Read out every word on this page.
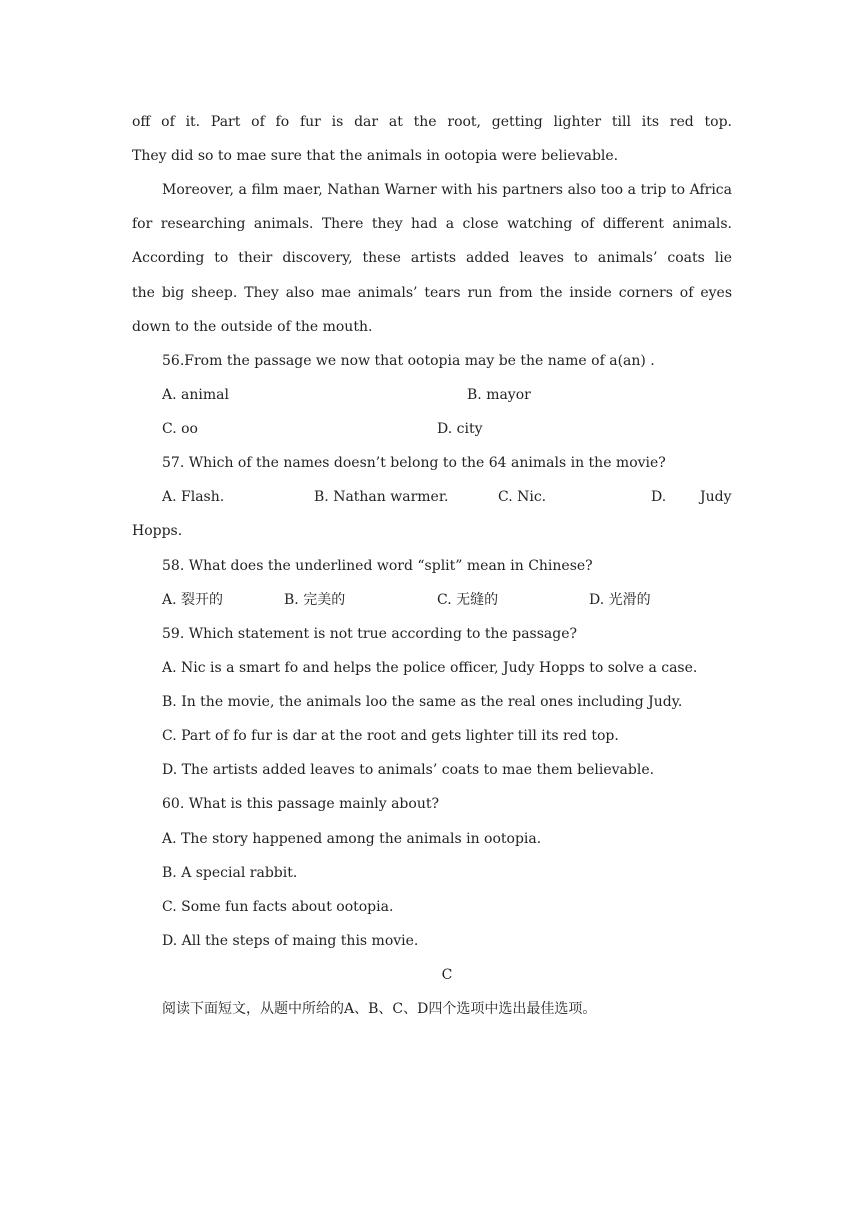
off of it. Part of fo fur is dar at the root, getting lighter till its red top.
They did so to mae sure that the animals in ootopia were believable.
Moreover, a film maer, Nathan Warner with his partners also too a trip to Africa
for researching animals. There they had a close watching of different animals.
According to their discovery, these artists added leaves to animals’ coats lie
the big sheep. They also mae animals’ tears run from the inside corners of eyes
down to the outside of the mouth.
56.From the passage we now that ootopia may be the name of a(an) .
A. animal	B. mayor
C. oo	D. city
57. Which of the names doesn’t belong to the 64 animals in the movie?
A. Flash.	B. Nathan warmer.	C. Nic.	D. Judy
Hopps.
58. What does the underlined word “split” mean in Chinese?
A. 裂开的	B. 完美的	C. 无缝的	D. 光滑的
59. Which statement is not true according to the passage?
A. Nic is a smart fo and helps the police officer, Judy Hopps to solve a case.
B. In the movie, the animals loo the same as the real ones including Judy.
C. Part of fo fur is dar at the root and gets lighter till its red top.
D. The artists added leaves to animals’ coats to mae them believable.
60. What is this passage mainly about?
A. The story happened among the animals in ootopia.
B. A special rabbit.
C. Some fun facts about ootopia.
D. All the steps of maing this movie.
C
阅读下面短文，从题中所给的A、B、C、D四个选项中选出最佳选项。
